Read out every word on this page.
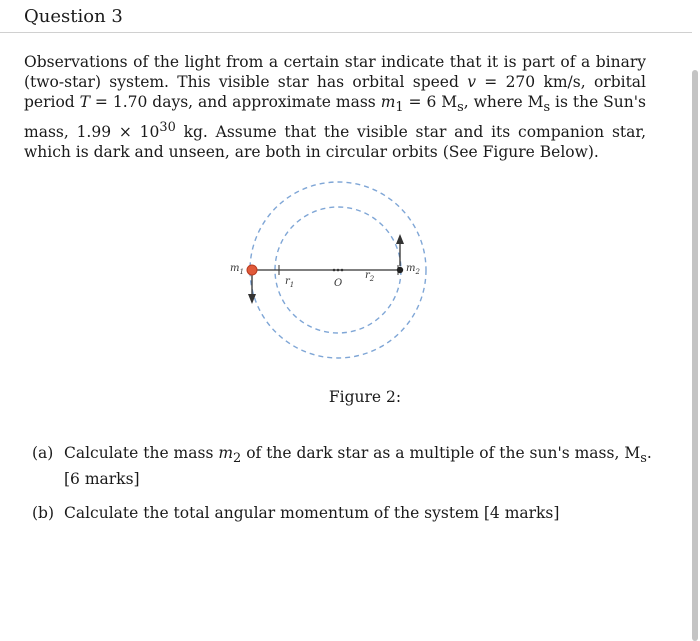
Question 3

Observations of the light from a certain star indicate that it is part of a binary (two-star) system. This visible star has orbital speed v = 270 km/s, orbital period T = 1.70 days, and approximate mass $m_1 = 6$ $M_s$, where $M_s$ is the Sun's mass, $1.99 \times 10^{30}$ kg. Assume that the visible star and its companion star, which is dark and unseen, are both in circular orbits (See Figure Below).

$m_1$	$m_2$
$r_1$
$r_2$
O

Figure 2:

(a) Calculate the mass $m_2$ of the dark star as a multiple of the sun's mass, $M_s$. [6 marks]
(b) Calculate the total angular momentum of the system [4 marks]
